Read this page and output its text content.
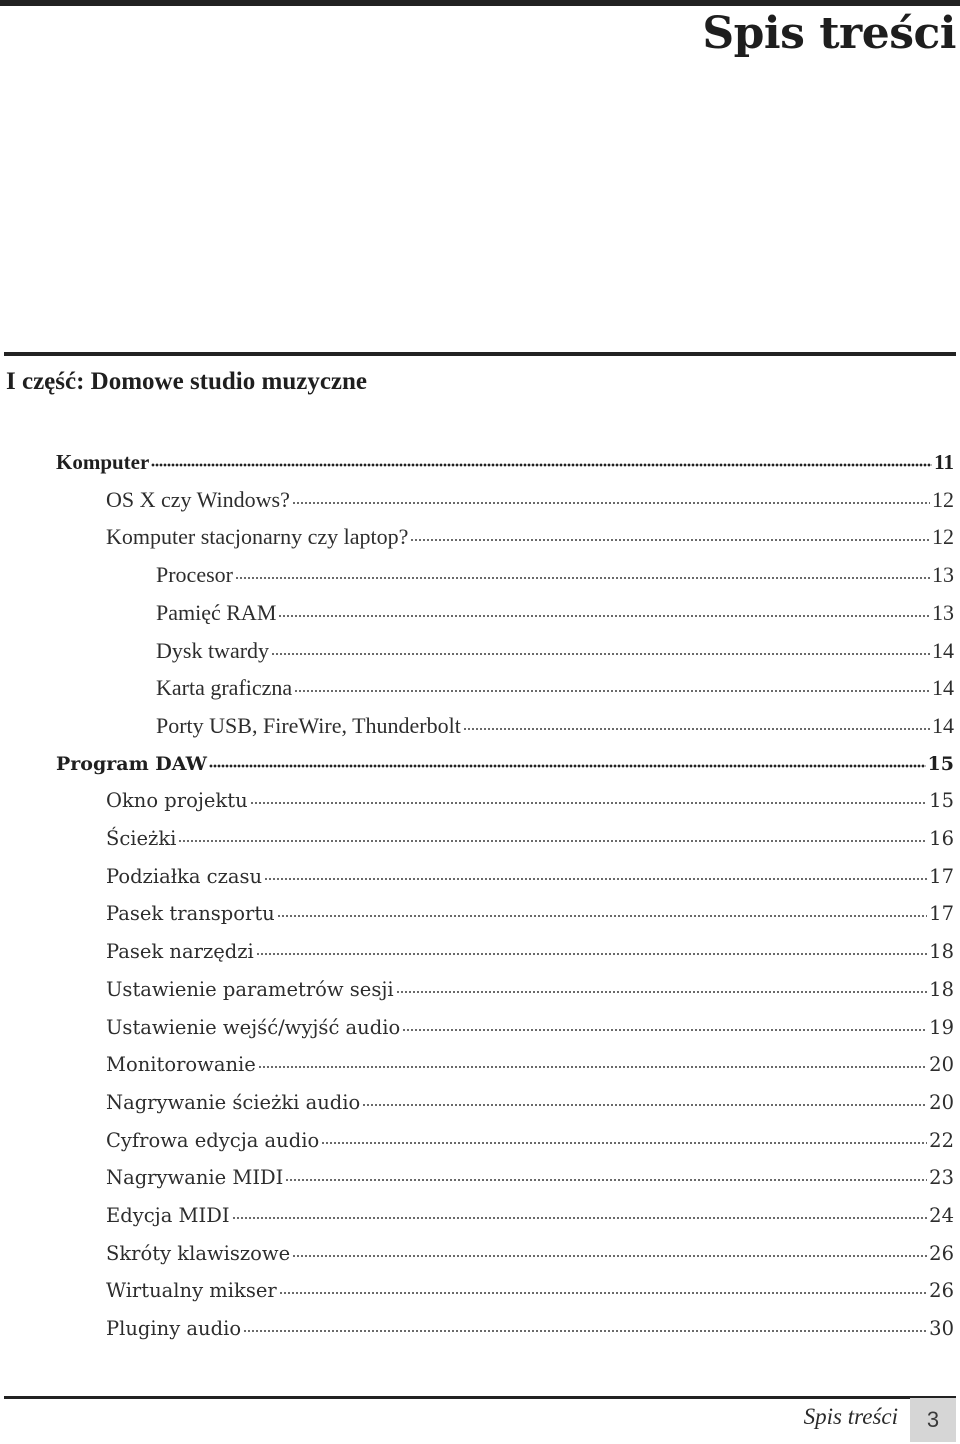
Spis treści
I część: Domowe studio muzyczne
Komputer	11
OS X czy Windows?	12
Komputer stacjonarny czy laptop?	12
Procesor	13
Pamięć RAM	13
Dysk twardy	14
Karta graficzna	14
Porty USB, FireWire, Thunderbolt	14
Program DAW	15
Okno projektu	15
Ścieżki	16
Podziałka czasu	17
Pasek transportu	17
Pasek narzędzi	18
Ustawienie parametrów sesji	18
Ustawienie wejść/wyjść audio	19
Monitorowanie	20
Nagrywanie ścieżki audio	20
Cyfrowa edycja audio	22
Nagrywanie MIDI	23
Edycja MIDI	24
Skróty klawiszowe	26
Wirtualny mikser	26
Pluginy audio	30
Spis treści	3
